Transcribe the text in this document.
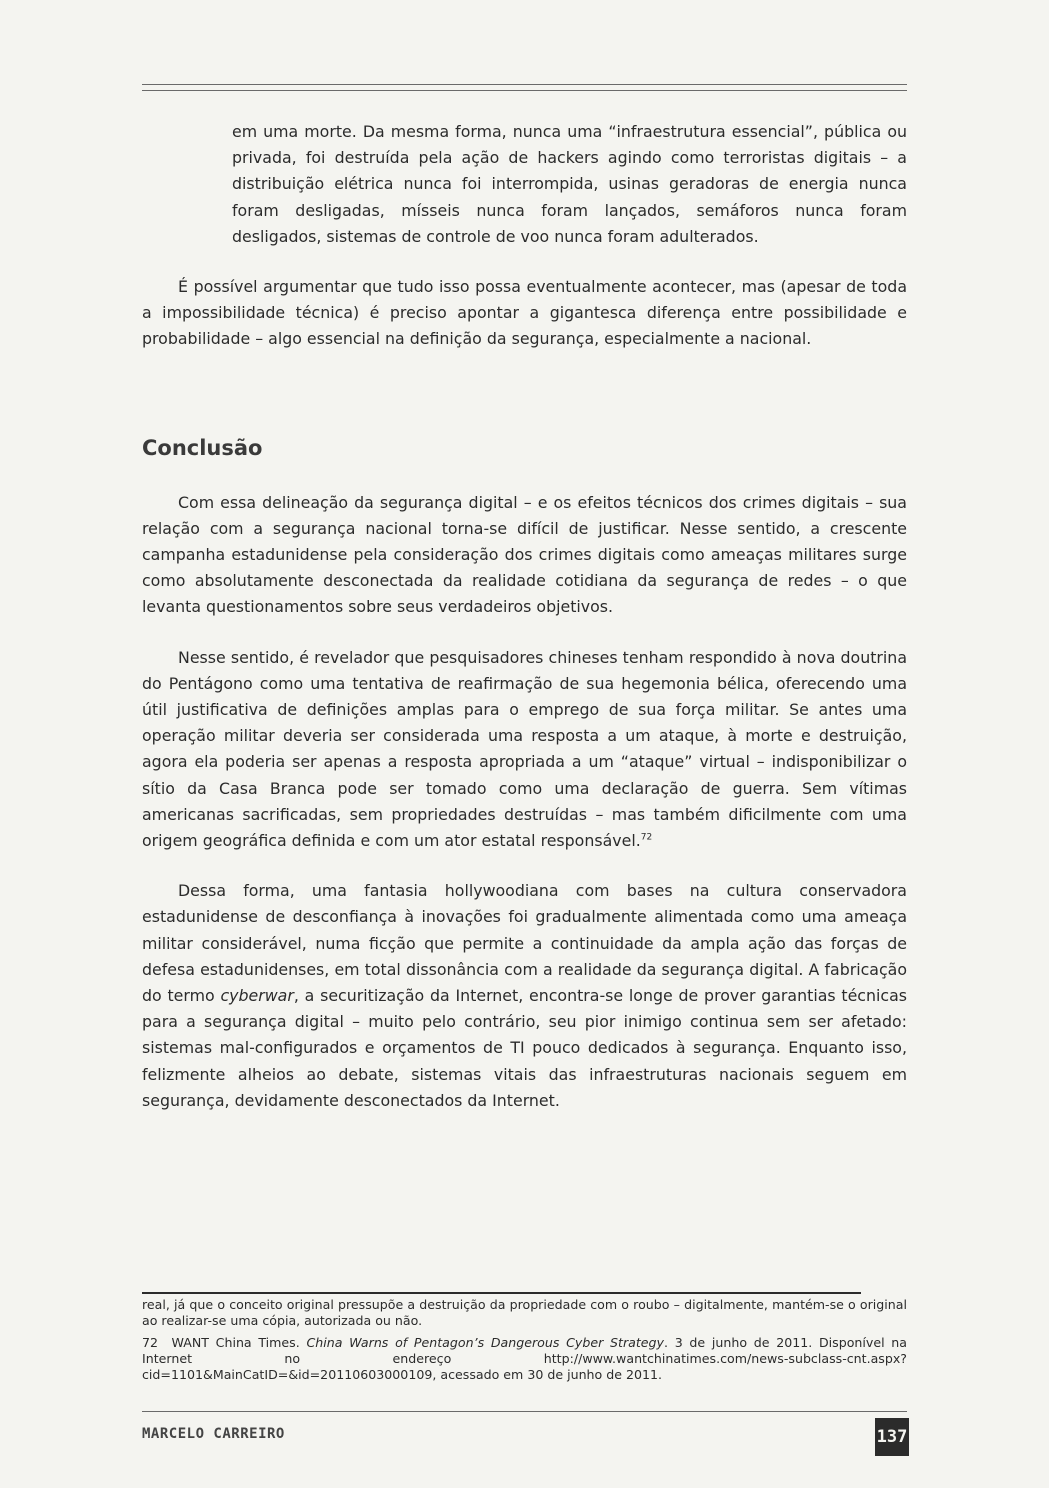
em uma morte. Da mesma forma, nunca uma “infraestrutura essencial”, pública ou privada, foi destruída pela ação de hackers agindo como terroristas digitais – a distribuição elétrica nunca foi interrompida, usinas geradoras de energia nunca foram desligadas, mísseis nunca foram lançados, semáforos nunca foram desligados, sistemas de controle de voo nunca foram adulterados.

É possível argumentar que tudo isso possa eventualmente acontecer, mas (apesar de toda a impossibilidade técnica) é preciso apontar a gigantesca diferença entre possibilidade e probabilidade – algo essencial na definição da segurança, especialmente a nacional.

Conclusão

Com essa delineação da segurança digital – e os efeitos técnicos dos crimes digitais – sua relação com a segurança nacional torna-se difícil de justificar. Nesse sentido, a crescente campanha estadunidense pela consideração dos crimes digitais como ameaças militares surge como absolutamente desconectada da realidade cotidiana da segurança de redes – o que levanta questionamentos sobre seus verdadeiros objetivos.

Nesse sentido, é revelador que pesquisadores chineses tenham respondido à nova doutrina do Pentágono como uma tentativa de reafirmação de sua hegemonia bélica, oferecendo uma útil justificativa de definições amplas para o emprego de sua força militar. Se antes uma operação militar deveria ser considerada uma resposta a um ataque, à morte e destruição, agora ela poderia ser apenas a resposta apropriada a um “ataque” virtual – indisponibilizar o sítio da Casa Branca pode ser tomado como uma declaração de guerra. Sem vítimas americanas sacrificadas, sem propriedades destruídas – mas também dificilmente com uma origem geográfica definida e com um ator estatal responsável.$^{72}$

Dessa forma, uma fantasia hollywoodiana com bases na cultura conservadora estadunidense de desconfiança à inovações foi gradualmente alimentada como uma ameaça militar considerável, numa ficção que permite a continuidade da ampla ação das forças de defesa estadunidenses, em total dissonância com a realidade da segurança digital. A fabricação do termo cyberwar, a securitização da Internet, encontra-se longe de prover garantias técnicas para a segurança digital – muito pelo contrário, seu pior inimigo continua sem ser afetado: sistemas mal-configurados e orçamentos de TI pouco dedicados à segurança. Enquanto isso, felizmente alheios ao debate, sistemas vitais das infraestruturas nacionais seguem em segurança, devidamente desconectados da Internet.

real, já que o conceito original pressupõe a destruição da propriedade com o roubo – digitalmente, mantém-se o original ao realizar-se uma cópia, autorizada ou não.

72 WANT China Times. China Warns of Pentagon’s Dangerous Cyber Strategy. 3 de junho de 2011. Disponível na Internet no endereço http://www.wantchinatimes.com/news-subclass-cnt.aspx?cid=1101&MainCatID=&id=20110603000109, acessado em 30 de junho de 2011.

MARCELO CARREIRO	137
